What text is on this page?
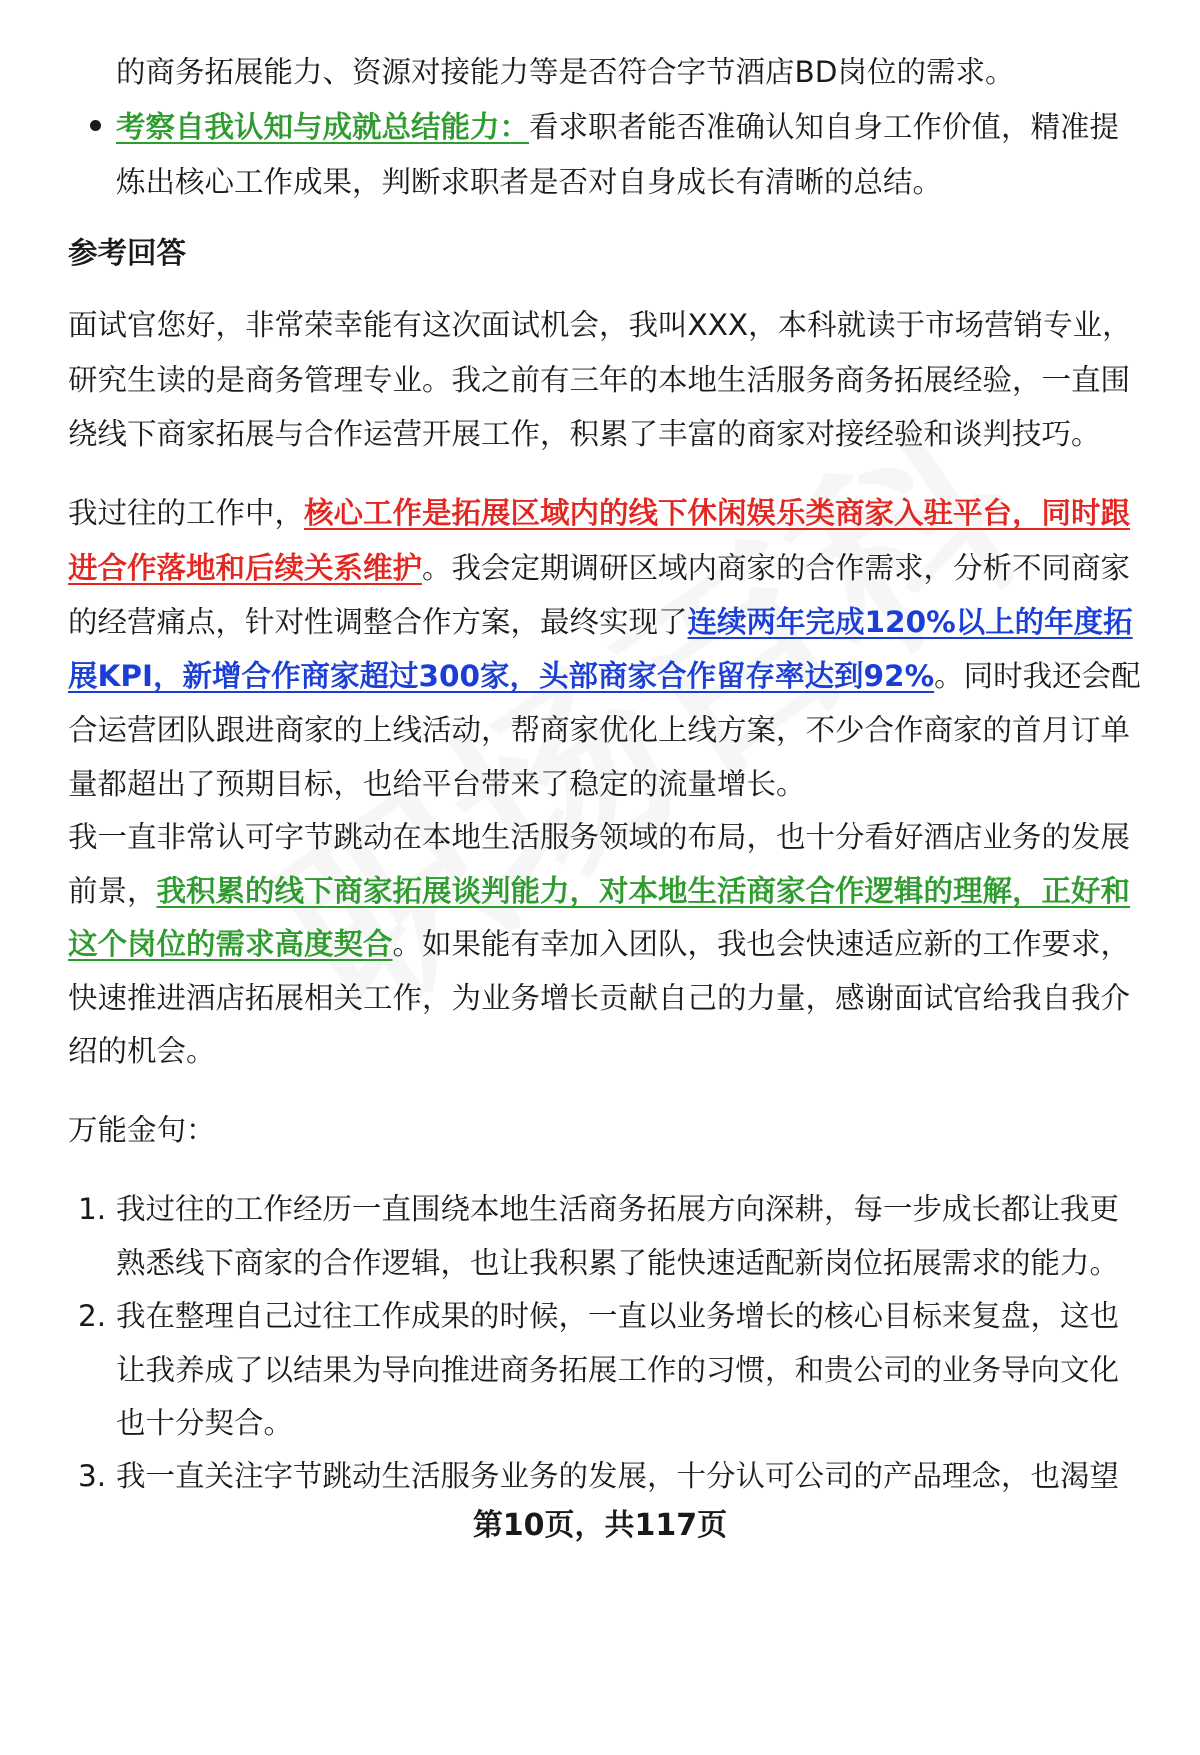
的商务拓展能力、资源对接能力等是否符合字节酒店BD岗位的需求。
考察自我认知与成就总结能力：看求职者能否准确认知自身工作价值，精准提
炼出核心工作成果，判断求职者是否对自身成长有清晰的总结。
参考回答
面试官您好，非常荣幸能有这次面试机会，我叫XXX，本科就读于市场营销专业，
研究生读的是商务管理专业。我之前有三年的本地生活服务商务拓展经验，一直围
绕线下商家拓展与合作运营开展工作，积累了丰富的商家对接经验和谈判技巧。
我过往的工作中，核心工作是拓展区域内的线下休闲娱乐类商家入驻平台，同时跟
进合作落地和后续关系维护。我会定期调研区域内商家的合作需求，分析不同商家
的经营痛点，针对性调整合作方案，最终实现了连续两年完成120%以上的年度拓
展KPI，新增合作商家超过300家，头部商家合作留存率达到92%。同时我还会配
合运营团队跟进商家的上线活动，帮商家优化上线方案，不少合作商家的首月订单
量都超出了预期目标，也给平台带来了稳定的流量增长。
我一直非常认可字节跳动在本地生活服务领域的布局，也十分看好酒店业务的发展
前景，我积累的线下商家拓展谈判能力，对本地生活商家合作逻辑的理解，正好和
这个岗位的需求高度契合。如果能有幸加入团队，我也会快速适应新的工作要求，
快速推进酒店拓展相关工作，为业务增长贡献自己的力量，感谢面试官给我自我介
绍的机会。
万能金句：
1. 我过往的工作经历一直围绕本地生活商务拓展方向深耕，每一步成长都让我更
熟悉线下商家的合作逻辑，也让我积累了能快速适配新岗位拓展需求的能力。
2. 我在整理自己过往工作成果的时候，一直以业务增长的核心目标来复盘，这也
让我养成了以结果为导向推进商务拓展工作的习惯，和贵公司的业务导向文化
也十分契合。
3. 我一直关注字节跳动生活服务业务的发展，十分认可公司的产品理念，也渴望
第10页，共117页
